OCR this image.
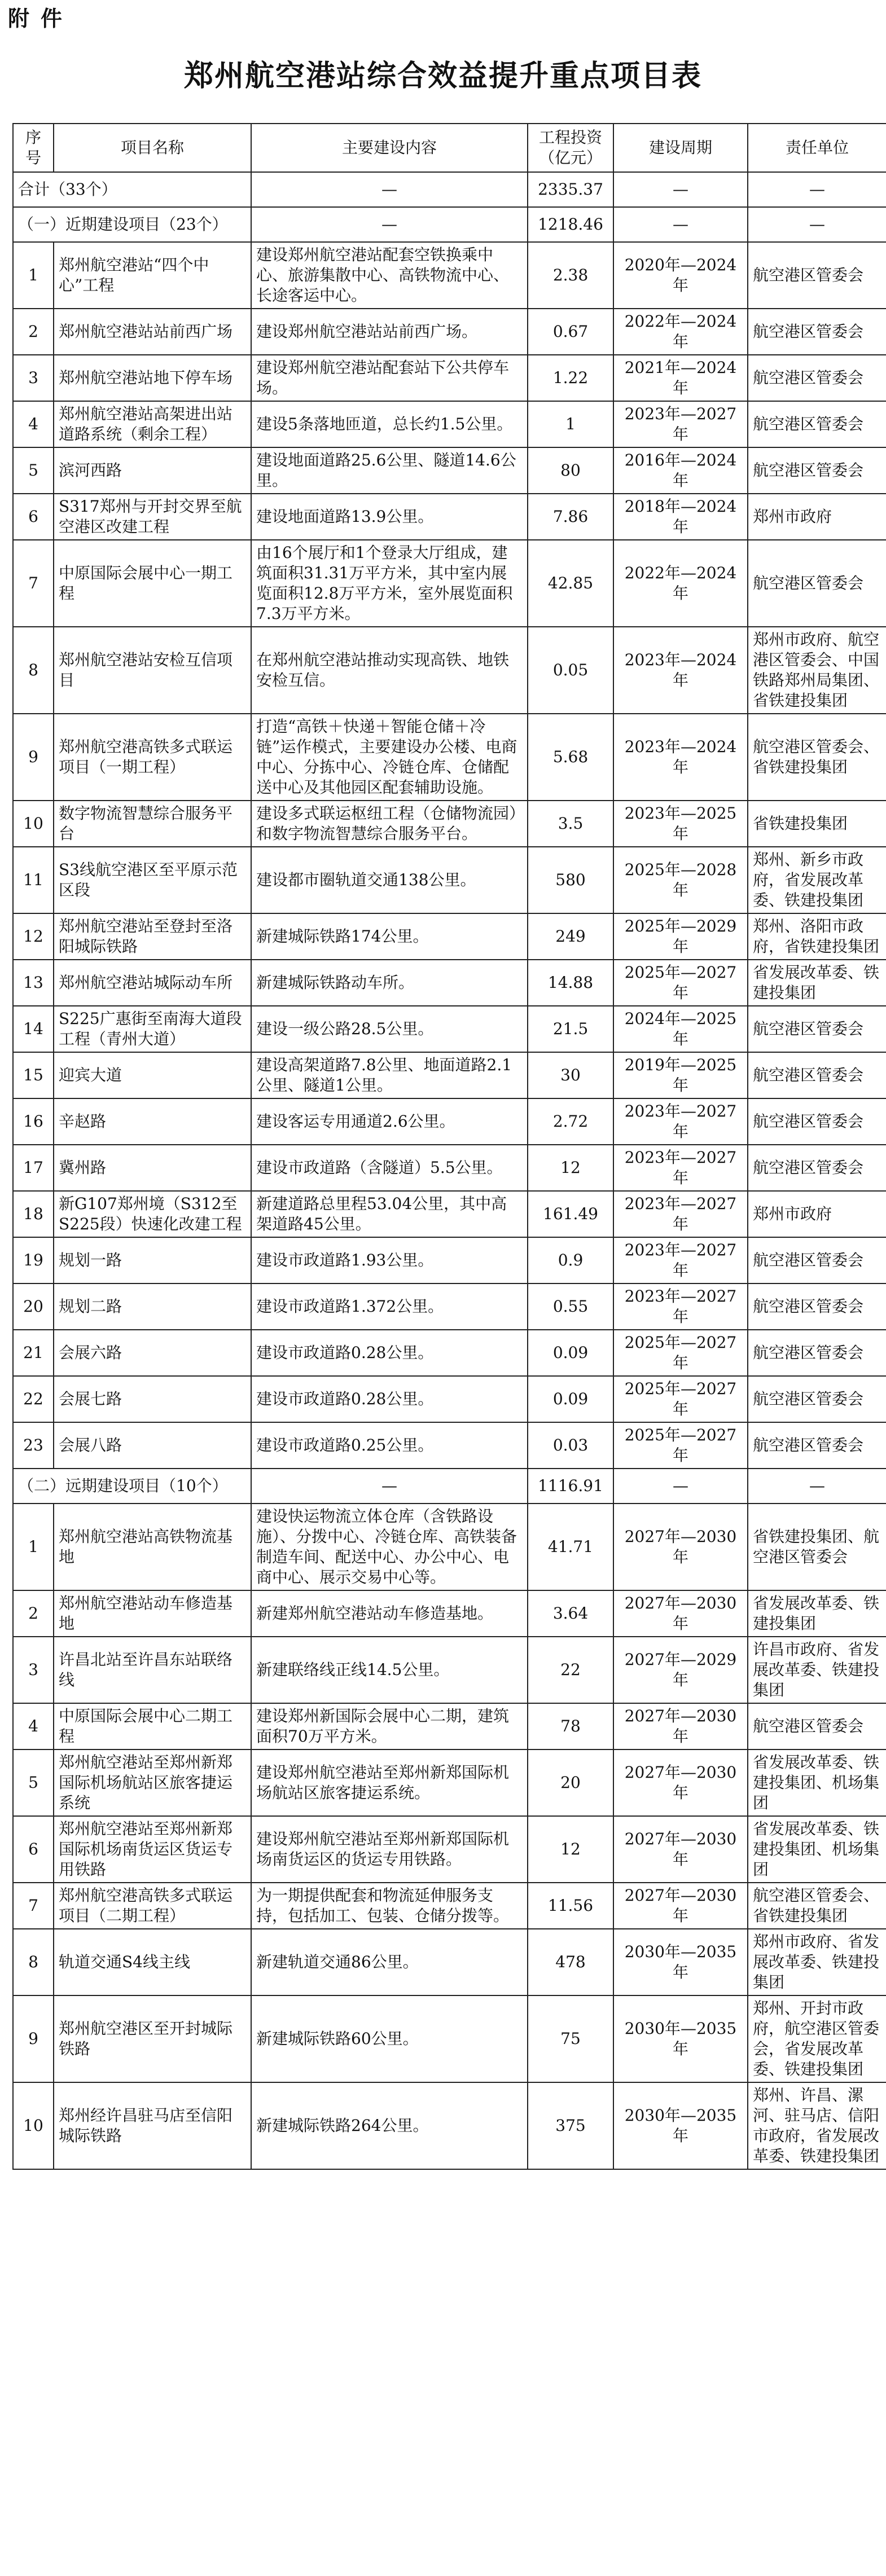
附件
郑州航空港站综合效益提升重点项目表
序号	项目名称	主要建设内容	工程投资（亿元）	建设周期	责任单位
合计（33个）		—	2335.37	—	—
（一）近期建设项目（23个）		—	1218.46	—	—
1	郑州航空港站“四个中心”工程	建设郑州航空港站配套空铁换乘中心、旅游集散中心、高铁物流中心、长途客运中心。	2.38	2020年—2024年	航空港区管委会
2	郑州航空港站站前西广场	建设郑州航空港站站前西广场。	0.67	2022年—2024年	航空港区管委会
3	郑州航空港站地下停车场	建设郑州航空港站配套站下公共停车场。	1.22	2021年—2024年	航空港区管委会
4	郑州航空港站高架进出站道路系统（剩余工程）	建设5条落地匝道，总长约1.5公里。	1	2023年—2027年	航空港区管委会
5	滨河西路	建设地面道路25.6公里、隧道14.6公里。	80	2016年—2024年	航空港区管委会
6	S317郑州与开封交界至航空港区改建工程	建设地面道路13.9公里。	7.86	2018年—2024年	郑州市政府
7	中原国际会展中心一期工程	由16个展厅和1个登录大厅组成，建筑面积31.31万平方米，其中室内展览面积12.8万平方米，室外展览面积7.3万平方米。	42.85	2022年—2024年	航空港区管委会
8	郑州航空港站安检互信项目	在郑州航空港站推动实现高铁、地铁安检互信。	0.05	2023年—2024年	郑州市政府、航空港区管委会、中国铁路郑州局集团、省铁建投集团
9	郑州航空港高铁多式联运项目（一期工程）	打造“高铁＋快递＋智能仓储＋冷链”运作模式，主要建设办公楼、电商中心、分拣中心、冷链仓库、仓储配送中心及其他园区配套辅助设施。	5.68	2023年—2024年	航空港区管委会、省铁建投集团
10	数字物流智慧综合服务平台	建设多式联运枢纽工程（仓储物流园）和数字物流智慧综合服务平台。	3.5	2023年—2025年	省铁建投集团
11	S3线航空港区至平原示范区段	建设都市圈轨道交通138公里。	580	2025年—2028年	郑州、新乡市政府，省发展改革委、铁建投集团
12	郑州航空港站至登封至洛阳城际铁路	新建城际铁路174公里。	249	2025年—2029年	郑州、洛阳市政府，省铁建投集团
13	郑州航空港站城际动车所	新建城际铁路动车所。	14.88	2025年—2027年	省发展改革委、铁建投集团
14	S225广惠街至南海大道段工程（青州大道）	建设一级公路28.5公里。	21.5	2024年—2025年	航空港区管委会
15	迎宾大道	建设高架道路7.8公里、地面道路2.1公里、隧道1公里。	30	2019年—2025年	航空港区管委会
16	辛赵路	建设客运专用通道2.6公里。	2.72	2023年—2027年	航空港区管委会
17	冀州路	建设市政道路（含隧道）5.5公里。	12	2023年—2027年	航空港区管委会
18	新G107郑州境（S312至S225段）快速化改建工程	新建道路总里程53.04公里，其中高架道路45公里。	161.49	2023年—2027年	郑州市政府
19	规划一路	建设市政道路1.93公里。	0.9	2023年—2027年	航空港区管委会
20	规划二路	建设市政道路1.372公里。	0.55	2023年—2027年	航空港区管委会
21	会展六路	建设市政道路0.28公里。	0.09	2025年—2027年	航空港区管委会
22	会展七路	建设市政道路0.28公里。	0.09	2025年—2027年	航空港区管委会
23	会展八路	建设市政道路0.25公里。	0.03	2025年—2027年	航空港区管委会
（二）远期建设项目（10个）		—	1116.91	—	—
1	郑州航空港站高铁物流基地	建设快运物流立体仓库（含铁路设施）、分拨中心、冷链仓库、高铁装备制造车间、配送中心、办公中心、电商中心、展示交易中心等。	41.71	2027年—2030年	省铁建投集团、航空港区管委会
2	郑州航空港站动车修造基地	新建郑州航空港站动车修造基地。	3.64	2027年—2030年	省发展改革委、铁建投集团
3	许昌北站至许昌东站联络线	新建联络线正线14.5公里。	22	2027年—2029年	许昌市政府、省发展改革委、铁建投集团
4	中原国际会展中心二期工程	建设郑州新国际会展中心二期，建筑面积70万平方米。	78	2027年—2030年	航空港区管委会
5	郑州航空港站至郑州新郑国际机场航站区旅客捷运系统	建设郑州航空港站至郑州新郑国际机场航站区旅客捷运系统。	20	2027年—2030年	省发展改革委、铁建投集团、机场集团
6	郑州航空港站至郑州新郑国际机场南货运区货运专用铁路	建设郑州航空港站至郑州新郑国际机场南货运区的货运专用铁路。	12	2027年—2030年	省发展改革委、铁建投集团、机场集团
7	郑州航空港高铁多式联运项目（二期工程）	为一期提供配套和物流延伸服务支持，包括加工、包装、仓储分拨等。	11.56	2027年—2030年	航空港区管委会、省铁建投集团
8	轨道交通S4线主线	新建轨道交通86公里。	478	2030年—2035年	郑州市政府、省发展改革委、铁建投集团
9	郑州航空港区至开封城际铁路	新建城际铁路60公里。	75	2030年—2035年	郑州、开封市政府，航空港区管委会，省发展改革委、铁建投集团
10	郑州经许昌驻马店至信阳城际铁路	新建城际铁路264公里。	375	2030年—2035年	郑州、许昌、漯河、驻马店、信阳市政府，省发展改革委、铁建投集团
